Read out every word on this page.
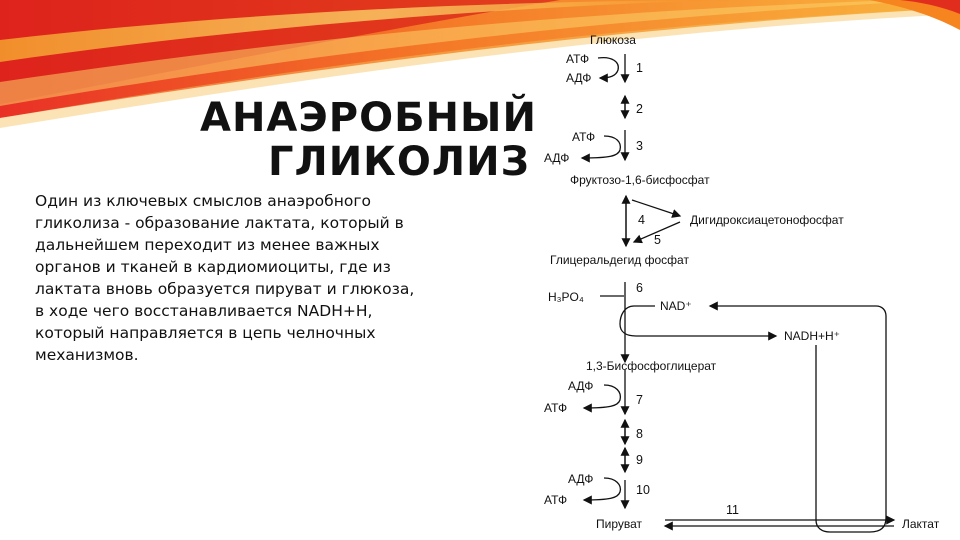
АНАЭРОБНЫЙ
ГЛИКОЛИЗ

Один из ключевых смыслов анаэробного
гликолиза - образование лактата, который в
дальнейшем переходит из менее важных
органов и тканей в кардиомиоциты, где из
лактата вновь образуется пируват и глюкоза,
в ходе чего восстанавливается NADH+H,
который направляется в цепь челночных
механизмов.

Глюкоза
Фруктозо-1,6-бисфосфат
Дигидроксиацетонофосфат
Глицеральдегид фосфат
1,3-Бисфосфоглицерат
Пируват	Лактат
АТФ
АДФ
АТФ
АДФ
H₃PO₄
NAD⁺
NADH+H⁺
АДФ
АТФ
АДФ
АТФ
1
2
3
4
5
6
7
8
9
10
11
